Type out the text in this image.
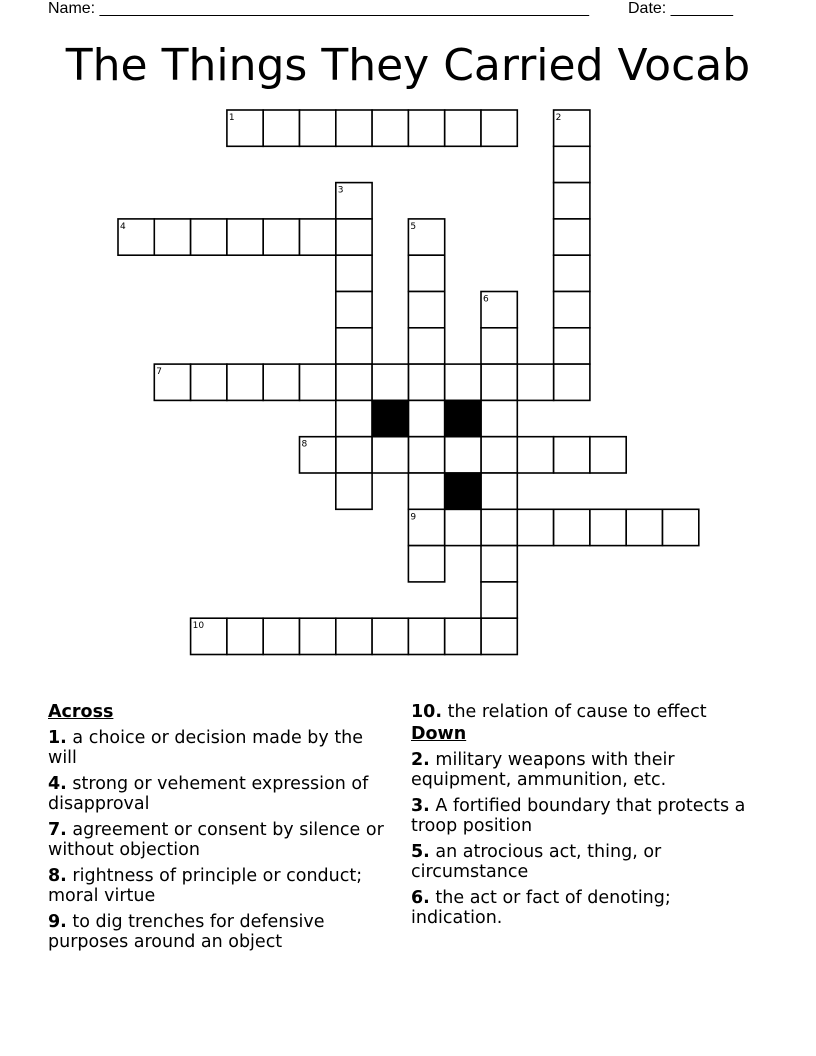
Name: _______________________________________________________ Date: _______
The Things They Carried Vocab
1	2
3
4	5
6
7
8
9
10
Across
1. a choice or decision made by the will
4. strong or vehement expression of disapproval
7. agreement or consent by silence or without objection
8. rightness of principle or conduct; moral virtue
9. to dig trenches for defensive purposes around an object
10. the relation of cause to effect
Down
2. military weapons with their equipment, ammunition, etc.
3. A fortified boundary that protects a troop position
5. an atrocious act, thing, or circumstance
6. the act or fact of denoting; indication.
